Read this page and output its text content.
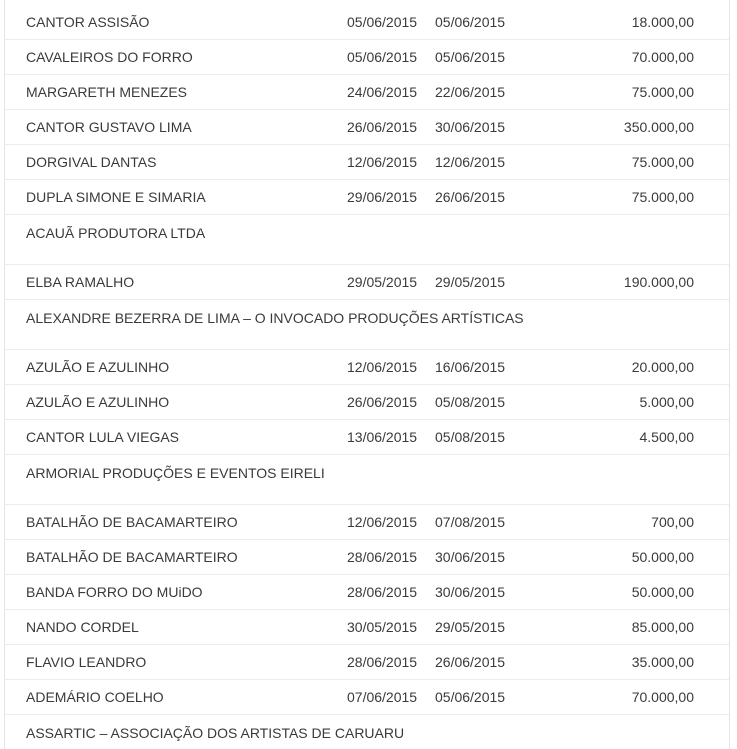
CANTOR ASSISÃO	05/06/2015 05/06/2015	18.000,00
CAVALEIROS DO FORRO	05/06/2015 05/06/2015	70.000,00
MARGARETH MENEZES	24/06/2015 22/06/2015	75.000,00
CANTOR GUSTAVO LIMA	26/06/2015 30/06/2015	350.000,00
DORGIVAL DANTAS	12/06/2015 12/06/2015	75.000,00
DUPLA SIMONE E SIMARIA	29/06/2015 26/06/2015	75.000,00
ACAUÃ PRODUTORA LTDA
ELBA RAMALHO	29/05/2015 29/05/2015	190.000,00
ALEXANDRE BEZERRA DE LIMA – O INVOCADO PRODUÇÕES ARTÍSTICAS
AZULÃO E AZULINHO	12/06/2015 16/06/2015	20.000,00
AZULÃO E AZULINHO	26/06/2015 05/08/2015	5.000,00
CANTOR LULA VIEGAS	13/06/2015 05/08/2015	4.500,00
ARMORIAL PRODUÇÕES E EVENTOS EIRELI
BATALHÃO DE BACAMARTEIRO	12/06/2015 07/08/2015	700,00
BATALHÃO DE BACAMARTEIRO	28/06/2015 30/06/2015	50.000,00
BANDA FORRO DO MUiDO	28/06/2015 30/06/2015	50.000,00
NANDO CORDEL	30/05/2015 29/05/2015	85.000,00
FLAVIO LEANDRO	28/06/2015 26/06/2015	35.000,00
ADEMÁRIO COELHO	07/06/2015 05/06/2015	70.000,00
ASSARTIC – ASSOCIAÇÃO DOS ARTISTAS DE CARUARU
